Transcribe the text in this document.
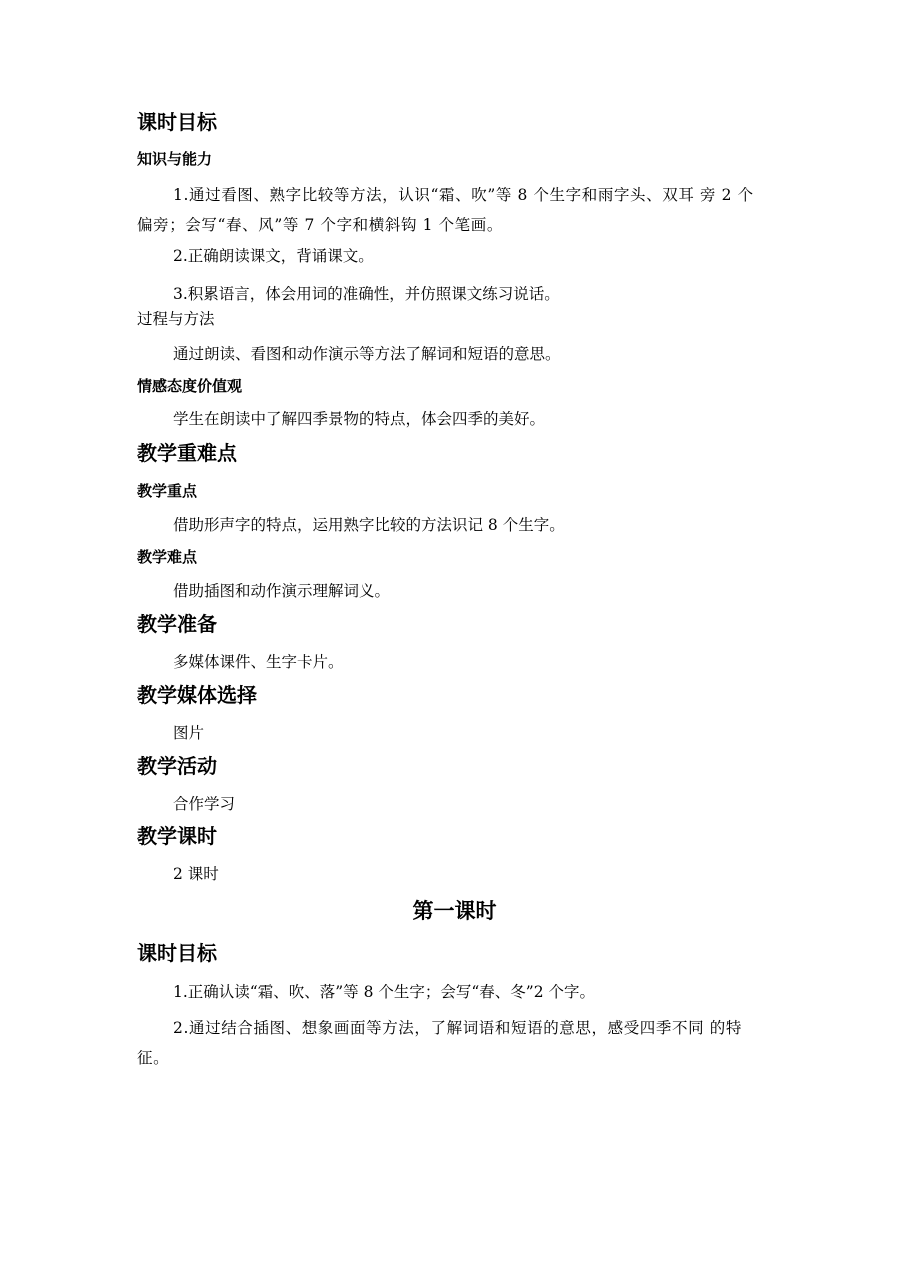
课时目标
知识与能力
1.通过看图、熟字比较等方法，认识“霜、吹”等 8 个生字和雨字头、双耳 旁 2 个偏旁；会写“春、风”等 7 个字和横斜钩 1 个笔画。
2.正确朗读课文，背诵课文。
3.积累语言，体会用词的准确性，并仿照课文练习说话。
过程与方法
通过朗读、看图和动作演示等方法了解词和短语的意思。
情感态度价值观
学生在朗读中了解四季景物的特点，体会四季的美好。
教学重难点
教学重点
借助形声字的特点，运用熟字比较的方法识记 8 个生字。
教学难点
借助插图和动作演示理解词义。
教学准备
多媒体课件、生字卡片。
教学媒体选择
图片
教学活动
合作学习
教学课时
2 课时
第一课时
课时目标
1.正确认读“霜、吹、落”等 8 个生字；会写“春、冬”2 个字。
2.通过结合插图、想象画面等方法，了解词语和短语的意思，感受四季不同 的特征。
